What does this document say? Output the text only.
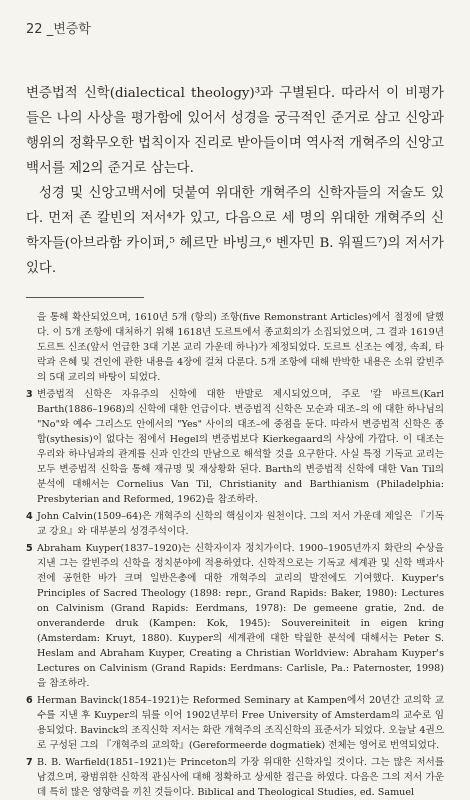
22 _변증학

변증법적 신학(dialectical theology)³과 구별된다. 따라서 이 비평가들은 나의 사상을 평가함에 있어서 성경을 궁극적인 준거로 삼고 신앙과 행위의 정확무오한 법칙이자 진리로 받아들이며 역사적 개혁주의 신앙고백서를 제2의 준거로 삼는다.

성경 및 신앙고백서에 덧붙여 위대한 개혁주의 신학자들의 저술도 있다. 먼저 존 칼빈의 저서⁴가 있고, 다음으로 세 명의 위대한 개혁주의 신학자들(아브라함 카이퍼,⁵ 헤르만 바빙크,⁶ 벤자민 B. 워필드⁷)의 저서가 있다.

을 통해 확산되었으며, 1610년 5개 (항의) 조항(five Remonstrant Articles)에서 절정에 달했다. 이 5개 조항에 대처하기 위해 1618년 도르트에서 종교회의가 소집되었으며, 그 결과 1619년 도르트 신조(앞서 언급한 3대 기본 교리 가운데 하나)가 제정되었다. 도르트 신조는 예정, 속죄, 타락과 은혜 및 견인에 관한 내용을 4장에 걸쳐 다룬다. 5개 조항에 대해 반박한 내용은 소위 칼빈주의 5대 교리의 바탕이 되었다.
3 변증법적 신학은 자유주의 신학에 대한 반발로 제시되었으며, 주로 '칼 바르트(Karl Barth(1886–1968)의 신학에 대한 언급이다. 변증법적 신학은 모순과 대조–의 에 대한 하나님의 "No"와 예수 그리스도 안에서의 "Yes" 사이의 대조–에 중점을 둔다. 따라서 변증법적 신학은 종합(sythesis)이 없다는 점에서 Hegel의 변증법보다 Kierkegaard의 사상에 가깝다. 이 대조는 우리와 하나님과의 관계를 신과 인간의 만남으로 해석할 것을 요구한다. 사실 특정 기독교 교리는 모두 변증법적 신학을 통해 재규명 및 재상황화 된다. Barth의 변증법적 신학에 대한 Van Til의 분석에 대해서는 Cornelius Van Til, Christianity and Barthianism (Philadelphia: Presbyterian and Reformed, 1962)을 참조하라.
4 John Calvin(1509–64)은 개혁주의 신학의 핵심이자 원천이다. 그의 저서 가운데 제일은 『기독교 강요』와 대부분의 성경주석이다.
5 Abraham Kuyper(1837–1920)는 신학자이자 정치가이다. 1900–1905년까지 화란의 수상을 지낸 그는 칼빈주의 신학을 정치분야에 적용하였다. 신학적으로는 기독교 세계관 및 신학 백과사전에 공헌한 바가 크며 일반은총에 대한 개혁주의 교리의 발전에도 기여했다. Kuyper's Principles of Sacred Theology (1898: repr., Grand Rapids: Baker, 1980): Lectures on Calvinism (Grand Rapids: Eerdmans, 1978): De gemeene gratie, 2nd. de onveranderde druk (Kampen: Kok, 1945): Souvereiniteit in eigen kring (Amsterdam: Kruyt, 1880). Kuyper의 세계관에 대한 탁월한 분석에 대해서는 Peter S. Heslam and Abraham Kuyper, Creating a Christian Worldview: Abraham Kuyper's Lectures on Calvinism (Grand Rapids: Eerdmans: Carlisle, Pa.: Paternoster, 1998)을 참조하라.
6 Herman Bavinck(1854–1921)는 Reformed Seminary at Kampen에서 20년간 교의학 교수를 지낸 후 Kuyper의 뒤를 이어 1902년부터 Free University of Amsterdam의 교수로 임용되었다. Bavinck의 조직신학 저서는 화란 개혁주의 조직신학의 표준서가 되었다. 오늘날 4권으로 구성된 그의 『개혁주의 교의학』(Gereformeerde dogmatiek) 전체는 영어로 번역되었다.
7 B. B. Warfield(1851–1921)는 Princeton의 가장 위대한 신학자일 것이다. 그는 많은 저서를 남겼으며, 광범위한 신학적 관심사에 대해 정확하고 상세한 접근을 하였다. 다음은 그의 저서 가운데 특히 많은 영향력을 끼친 것들이다. Biblical and Theological Studies, ed. Samuel
